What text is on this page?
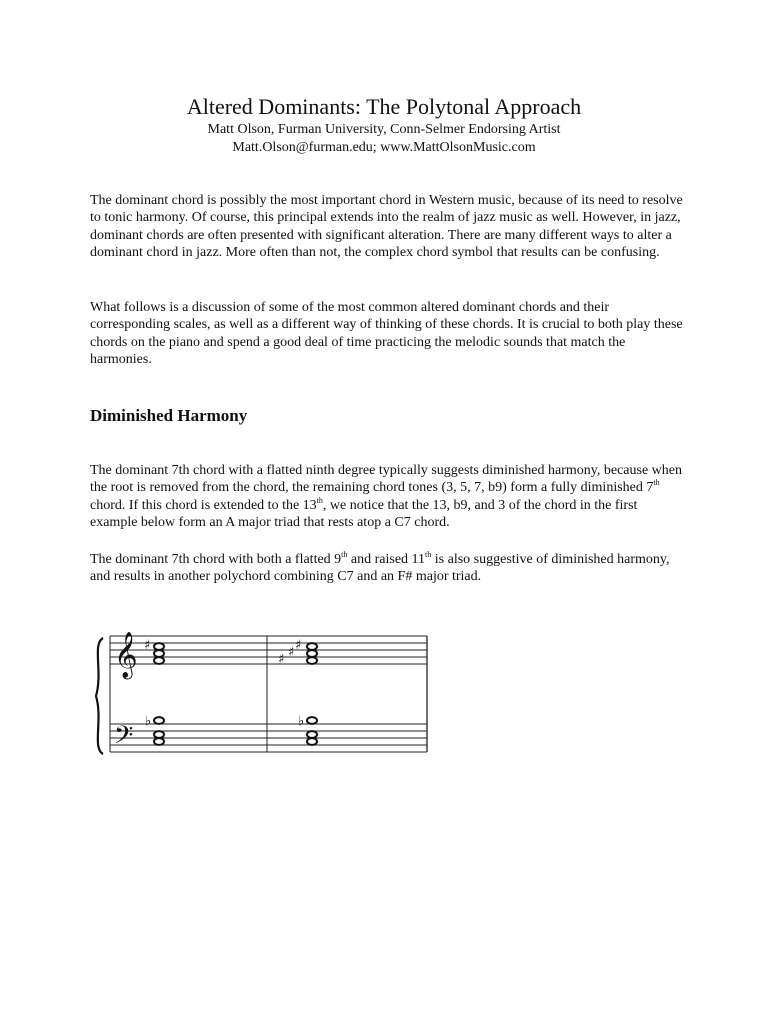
Altered Dominants: The Polytonal Approach
Matt Olson, Furman University, Conn-Selmer Endorsing Artist
Matt.Olson@furman.edu; www.MattOlsonMusic.com

The dominant chord is possibly the most important chord in Western music, because of its need to resolve to tonic harmony. Of course, this principal extends into the realm of jazz music as well. However, in jazz, dominant chords are often presented with significant alteration. There are many different ways to alter a dominant chord in jazz. More often than not, the complex chord symbol that results can be confusing.

What follows is a discussion of some of the most common altered dominant chords and their corresponding scales, as well as a different way of thinking of these chords. It is crucial to both play these chords on the piano and spend a good deal of time practicing the melodic sounds that match the harmonies.

Diminished Harmony

The dominant 7th chord with a flatted ninth degree typically suggests diminished harmony, because when the root is removed from the chord, the remaining chord tones (3, 5, 7, b9) form a fully diminished 7th chord. If this chord is extended to the 13th, we notice that the 13, b9, and 3 of the chord in the first example below form an A major triad that rests atop a C7 chord.

The dominant 7th chord with both a flatted 9th and raised 11th is also suggestive of diminished harmony, and results in another polychord combining C7 and an F# major triad.

𝄞
𝄢
♯	♯ ♯
♯
♭	♭
